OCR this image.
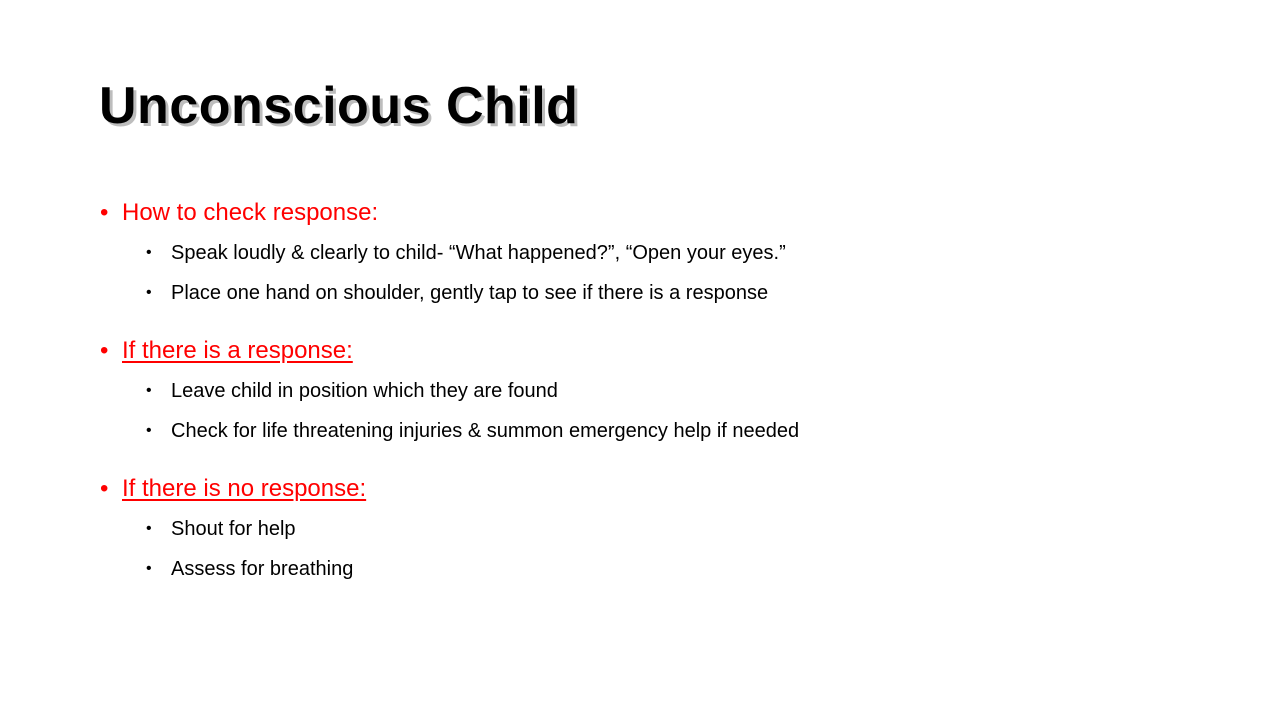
Unconscious Child
• How to check response:
• Speak loudly & clearly to child- “What happened?”, “Open your eyes.”
• Place one hand on shoulder, gently tap to see if there is a response
• If there is a response:
• Leave child in position which they are found
• Check for life threatening injuries & summon emergency help if needed
• If there is no response:
• Shout for help
• Assess for breathing
